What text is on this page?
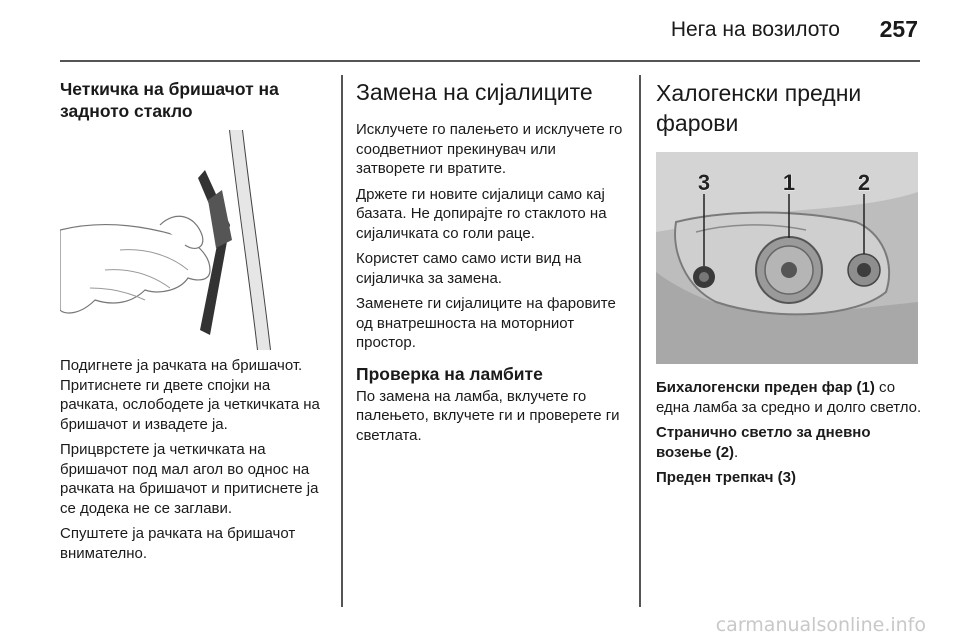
Нега на возилото 257
Четкичка на бришачот на задното стакло

Подигнете ја рачката на бришачот. Притиснете ги двете спојки на рачката, ослободете ја четкичката на бришачот и извадете ја.

Прицврстете ја четкичката на бришачот под мал агол во однос на рачката на бришачот и притиснете ја се додека не се заглави.

Спуштете ја рачката на бришачот внимателно.

Замена на сијалиците

Исклучете го палењето и исклучете го соодветниот прекинувач или затворете ги вратите.

Држете ги новите сијалици само кај базата. Не допирајте го стаклото на сијаличката со голи раце.

Користет само само исти вид на сијаличка за замена.

Заменете ги сијалиците на фаровите од внатрешноста на моторниот простор.

Проверка на ламбите

По замена на ламба, вклучете го палењето, вклучете ги и проверете ги светлата.

Халогенски предни
фарови
3	1	2

Бихалогенски преден фар (1) со една ламба за средно и долго светло.

Странично светло за дневно возење (2).

Преден трепкач (3)

carmanualsonline.info
